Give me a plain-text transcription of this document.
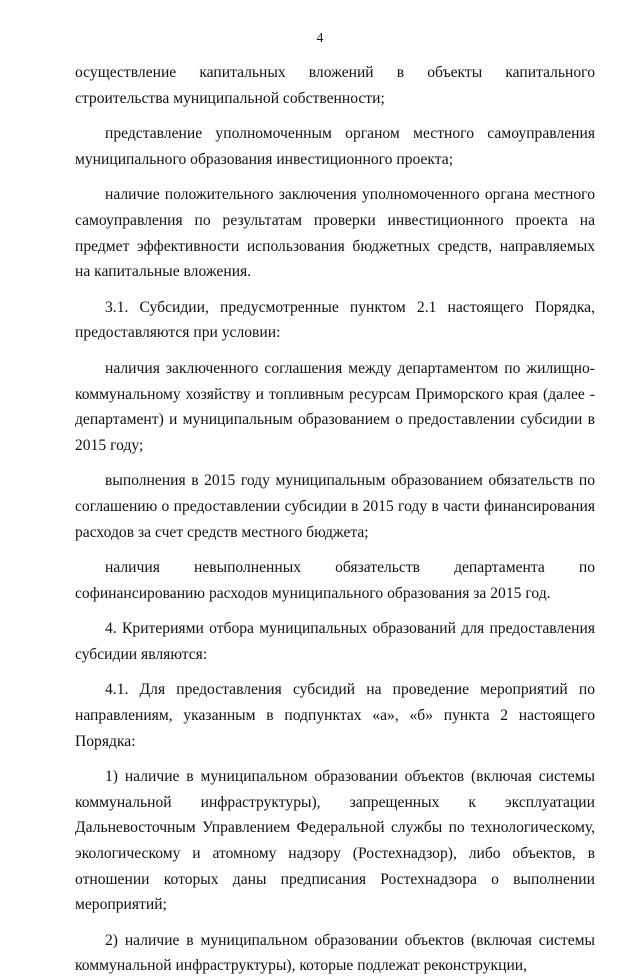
4

осуществление капитальных вложений в объекты капитального строительства муниципальной собственности;

представление уполномоченным органом местного самоуправления муниципального образования инвестиционного проекта;

наличие положительного заключения уполномоченного органа местного самоуправления по результатам проверки инвестиционного проекта на предмет эффективности использования бюджетных средств, направляемых на капитальные вложения.

3.1. Субсидии, предусмотренные пунктом 2.1 настоящего Порядка, предоставляются при условии:

наличия заключенного соглашения между департаментом по жилищно-коммунальному хозяйству и топливным ресурсам Приморского края (далее - департамент) и муниципальным образованием о предоставлении субсидии в 2015 году;

выполнения в 2015 году муниципальным образованием обязательств по соглашению о предоставлении субсидии в 2015 году в части финансирования расходов за счет средств местного бюджета;

наличия невыполненных обязательств департамента по софинансированию расходов муниципального образования за 2015 год.

4. Критериями отбора муниципальных образований для предоставления субсидии являются:

4.1. Для предоставления субсидий на проведение мероприятий по направлениям, указанным в подпунктах «а», «б» пункта 2 настоящего Порядка:

1) наличие в муниципальном образовании объектов (включая системы коммунальной инфраструктуры), запрещенных к эксплуатации Дальневосточным Управлением Федеральной службы по технологическому, экологическому и атомному надзору (Ростехнадзор), либо объектов, в отношении которых даны предписания Ростехнадзора о выполнении мероприятий;

2) наличие в муниципальном образовании объектов (включая системы коммунальной инфраструктуры), которые подлежат реконструкции,
